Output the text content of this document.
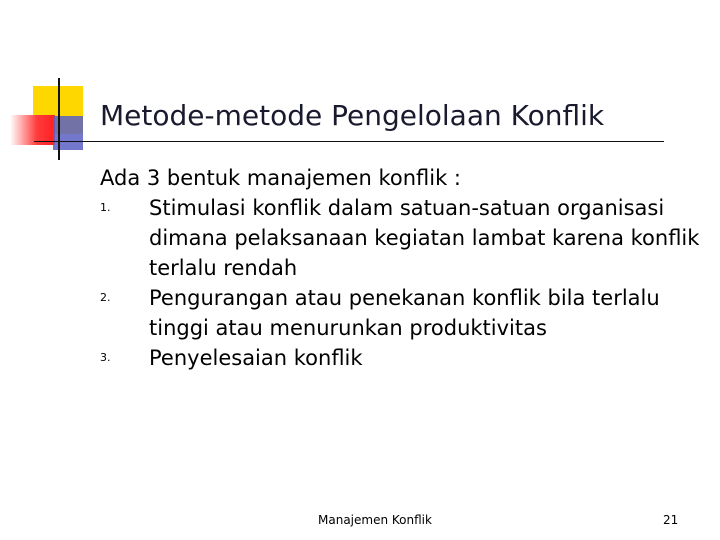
Metode-metode Pengelolaan Konflik

Ada 3 bentuk manajemen konflik :

1. Stimulasi konflik dalam satuan-satuan organisasi dimana pelaksanaan kegiatan lambat karena konflik terlalu rendah
2. Pengurangan atau penekanan konflik bila terlalu tinggi atau menurunkan produktivitas
3. Penyelesaian konflik
Manajemen Konflik	21
